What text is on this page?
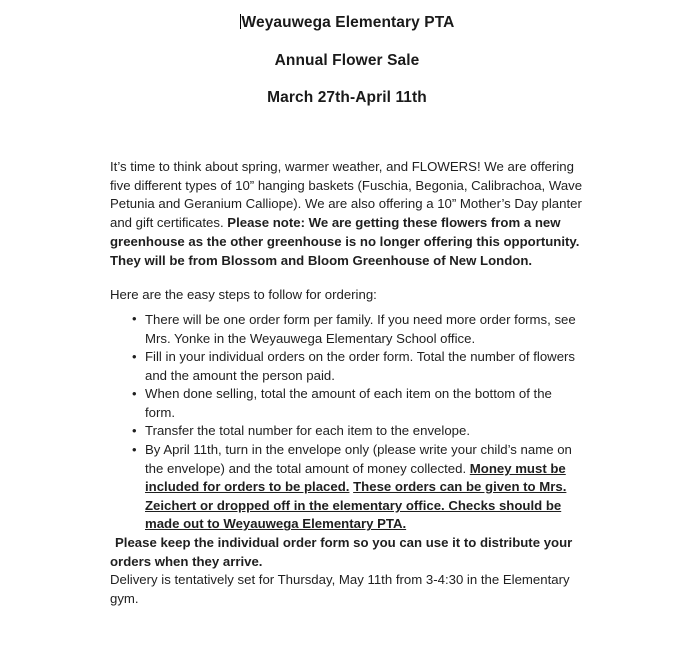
Weyauwega Elementary PTA
Annual Flower Sale
March 27th-April 11th

It’s time to think about spring, warmer weather, and FLOWERS! We are offering five different types of 10” hanging baskets (Fuschia, Begonia, Calibrachoa, Wave Petunia and Geranium Calliope). We are also offering a 10” Mother’s Day planter and gift certificates. Please note: We are getting these flowers from a new greenhouse as the other greenhouse is no longer offering this opportunity. They will be from Blossom and Bloom Greenhouse of New London.

Here are the easy steps to follow for ordering:

• There will be one order form per family. If you need more order forms, see Mrs. Yonke in the Weyauwega Elementary School office.
• Fill in your individual orders on the order form. Total the number of flowers and the amount the person paid.
• When done selling, total the amount of each item on the bottom of the form.
• Transfer the total number for each item to the envelope.
• By April 11th, turn in the envelope only (please write your child’s name on the envelope) and the total amount of money collected. Money must be included for orders to be placed. These orders can be given to Mrs. Zeichert or dropped off in the elementary office. Checks should be made out to Weyauwega Elementary PTA.

Please keep the individual order form so you can use it to distribute your orders when they arrive.

Delivery is tentatively set for Thursday, May 11th from 3-4:30 in the Elementary gym.
